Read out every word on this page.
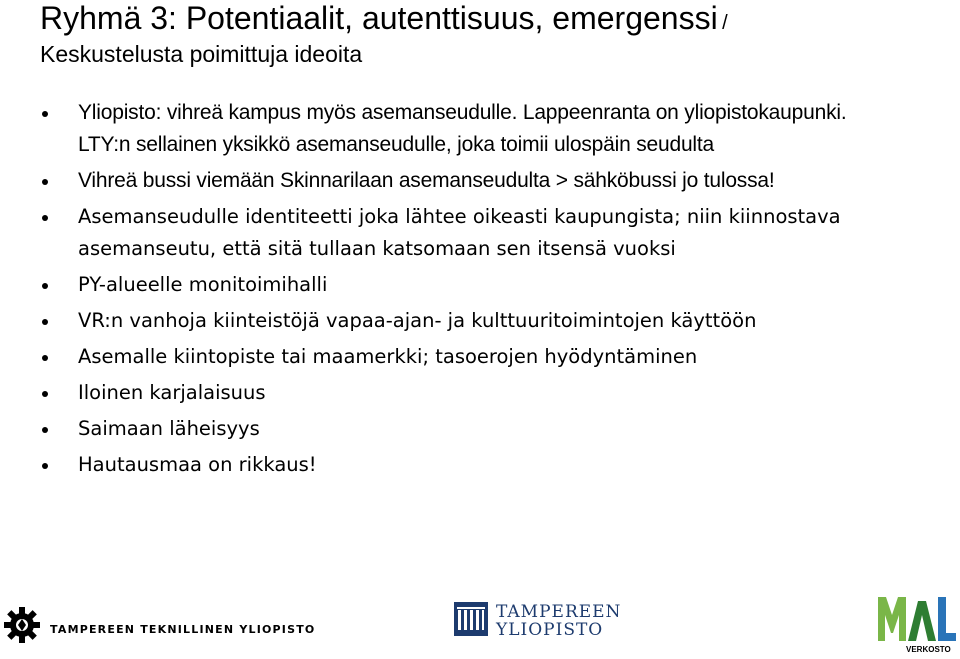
Ryhmä 3: Potentiaalit, autenttisuus, emergenssi /
Keskustelusta poimittuja ideoita
Yliopisto: vihreä kampus myös asemanseudulle. Lappeenranta on yliopistokaupunki. LTY:n sellainen yksikkö asemanseudulle, joka toimii ulospäin seudulta
Vihreä bussi viemään Skinnarilaan asemanseudulta > sähköbussi jo tulossa!
Asemanseudulle identiteetti joka lähtee oikeasti kaupungista; niin kiinnostava asemanseutu, että sitä tullaan katsomaan sen itsensä vuoksi
PY-alueelle monitoimihalli
VR:n vanhoja kiinteistöjä vapaa-ajan- ja kulttuuritoimintojen käyttöön
Asemalle kiintopiste tai maamerkki; tasoerojen hyödyntäminen
Iloinen karjalaisuus
Saimaan läheisyys
Hautausmaa on rikkaus!
TAMPEREEN TEKNILLINEN YLIOPISTO
TAMPEREEN
YLIOPISTO
VERKOSTO
